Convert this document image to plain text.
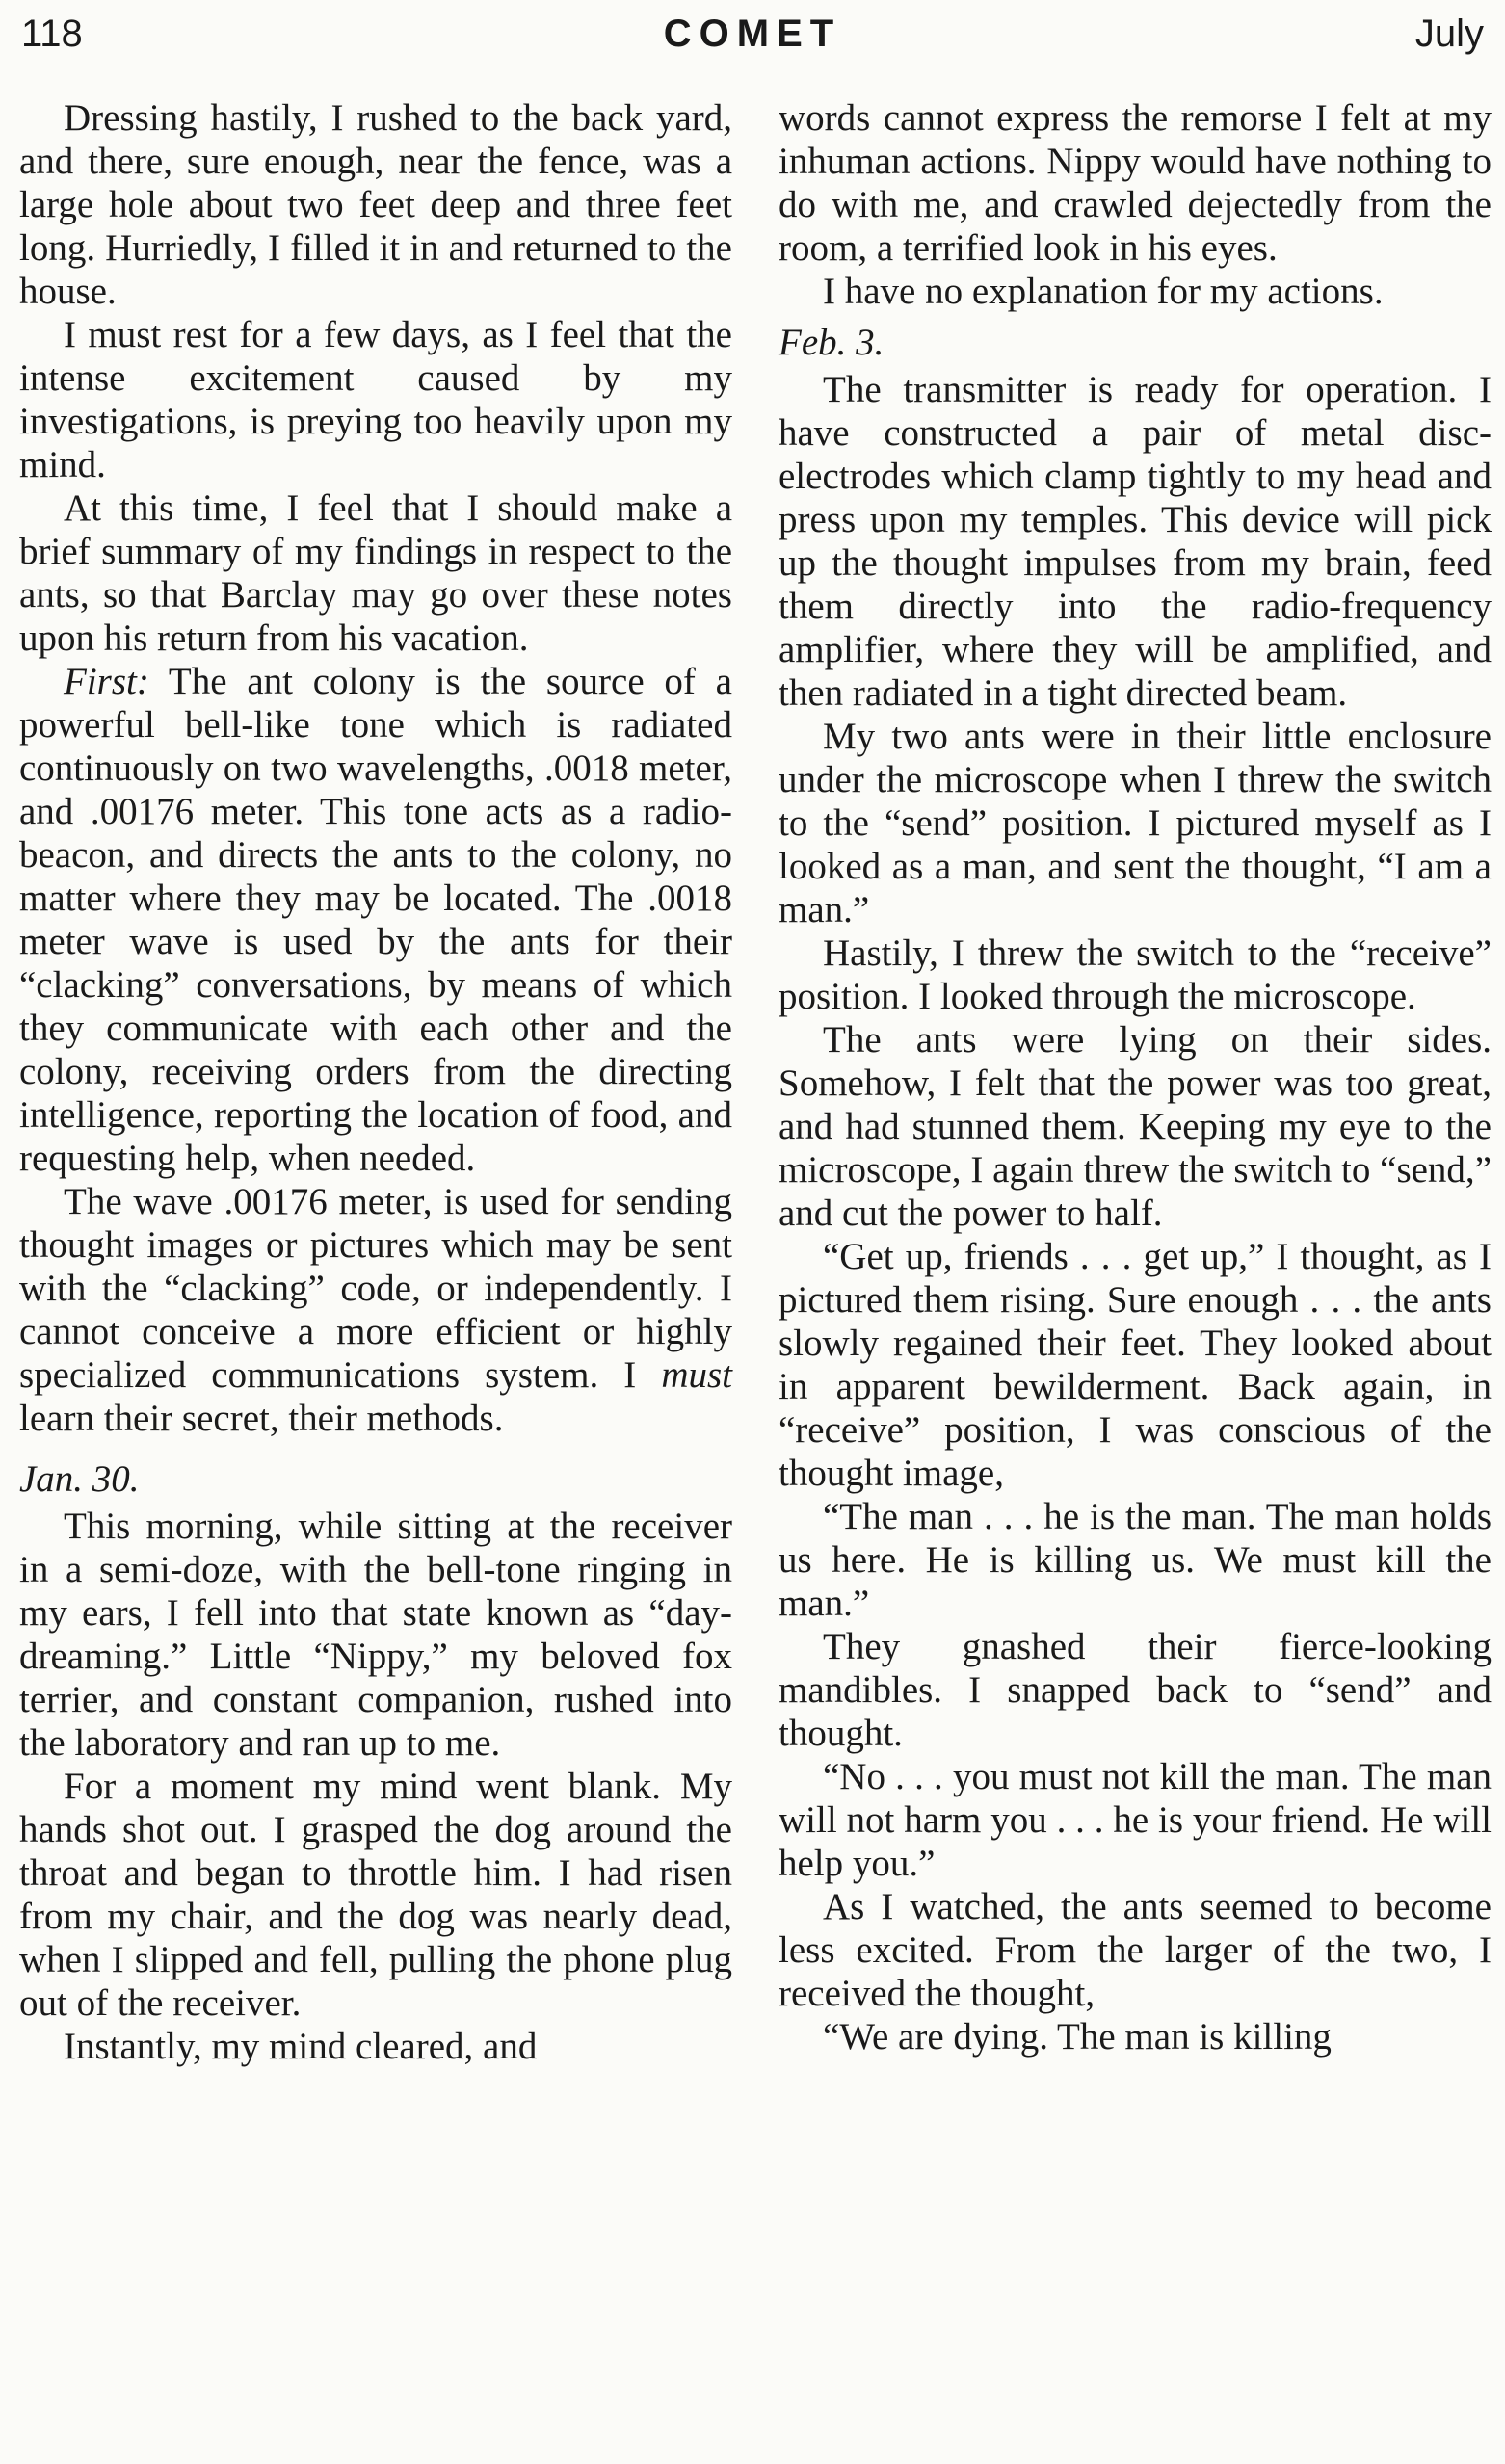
118	COMET	July

Dressing hastily, I rushed to the back yard, and there, sure enough, near the fence, was a large hole about two feet deep and three feet long. Hurriedly, I filled it in and returned to the house.

I must rest for a few days, as I feel that the intense excitement caused by my investigations, is preying too heavily upon my mind.

At this time, I feel that I should make a brief summary of my findings in respect to the ants, so that Barclay may go over these notes upon his return from his vacation.

First: The ant colony is the source of a powerful bell-like tone which is radiated continuously on two wavelengths, .0018 meter, and .00176 meter. This tone acts as a radio-beacon, and directs the ants to the colony, no matter where they may be located. The .0018 meter wave is used by the ants for their “clacking” conversations, by means of which they communicate with each other and the colony, receiving orders from the directing intelligence, reporting the location of food, and requesting help, when needed.

The wave .00176 meter, is used for sending thought images or pictures which may be sent with the “clacking” code, or independently. I cannot conceive a more efficient or highly specialized communications system. I must learn their secret, their methods.

Jan. 30.

This morning, while sitting at the receiver in a semi-doze, with the bell-tone ringing in my ears, I fell into that state known as “day-dreaming.” Little “Nippy,” my beloved fox terrier, and constant companion, rushed into the laboratory and ran up to me.

For a moment my mind went blank. My hands shot out. I grasped the dog around the throat and began to throttle him. I had risen from my chair, and the dog was nearly dead, when I slipped and fell, pulling the phone plug out of the receiver.

Instantly, my mind cleared, and

words cannot express the remorse I felt at my inhuman actions. Nippy would have nothing to do with me, and crawled dejectedly from the room, a terrified look in his eyes.

I have no explanation for my actions.

Feb. 3.

The transmitter is ready for operation. I have constructed a pair of metal disc-electrodes which clamp tightly to my head and press upon my temples. This device will pick up the thought impulses from my brain, feed them directly into the radio-frequency amplifier, where they will be amplified, and then radiated in a tight directed beam.

My two ants were in their little enclosure under the microscope when I threw the switch to the “send” position. I pictured myself as I looked as a man, and sent the thought, “I am a man.”

Hastily, I threw the switch to the “receive” position. I looked through the microscope.

The ants were lying on their sides. Somehow, I felt that the power was too great, and had stunned them. Keeping my eye to the microscope, I again threw the switch to “send,” and cut the power to half.

“Get up, friends . . . get up,” I thought, as I pictured them rising. Sure enough . . . the ants slowly regained their feet. They looked about in apparent bewilderment. Back again, in “receive” position, I was conscious of the thought image,

“The man . . . he is the man. The man holds us here. He is killing us. We must kill the man.”

They gnashed their fierce-looking mandibles. I snapped back to “send” and thought.

“No . . . you must not kill the man. The man will not harm you . . . he is your friend. He will help you.”

As I watched, the ants seemed to become less excited. From the larger of the two, I received the thought,

“We are dying. The man is killing
